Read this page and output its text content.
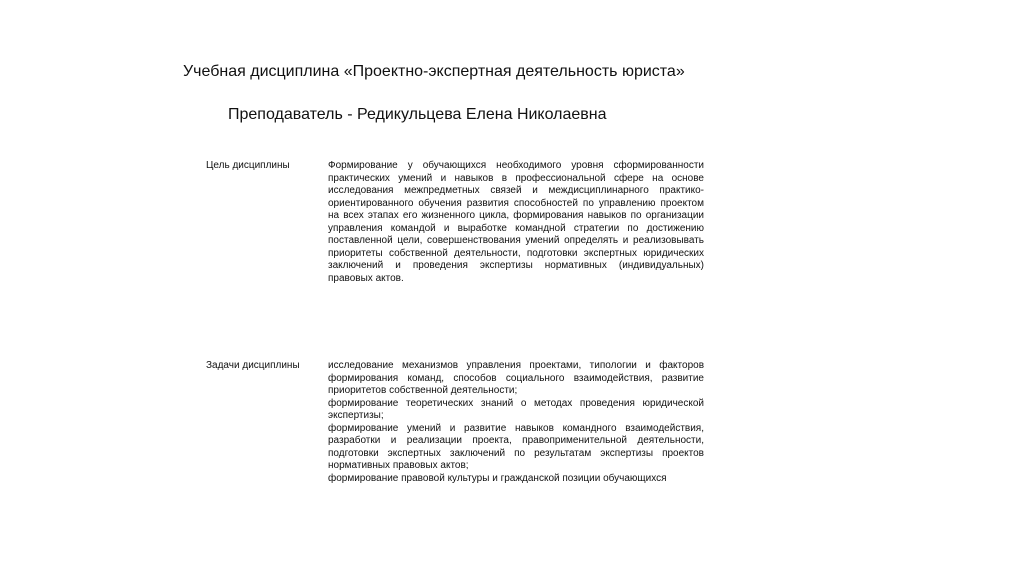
Учебная дисциплина «Проектно-экспертная деятельность юриста»
Преподаватель - Редикульцева Елена Николаевна
Цель дисциплины	Формирование у обучающихся необходимого уровня сформированности практических умений и навыков в профессиональной сфере на основе исследования межпредметных связей и междисциплинарного практико-ориентированного обучения развития способностей по управлению проектом на всех этапах его жизненного цикла, формирования навыков по организации управления командой и выработке командной стратегии по достижению поставленной цели, совершенствования умений определять и реализовывать приоритеты собственной деятельности, подготовки экспертных юридических заключений и проведения экспертизы нормативных (индивидуальных) правовых актов.

Задачи дисциплины	исследование механизмов управления проектами, типологии и факторов формирования команд, способов социального взаимодействия, развитие приоритетов собственной деятельности;

формирование теоретических знаний о методах проведения юридической экспертизы;

формирование умений и развитие навыков командного взаимодействия, разработки и реализации проекта, правоприменительной деятельности, подготовки экспертных заключений по результатам экспертизы проектов нормативных правовых актов;

формирование правовой культуры и гражданской позиции обучающихся
